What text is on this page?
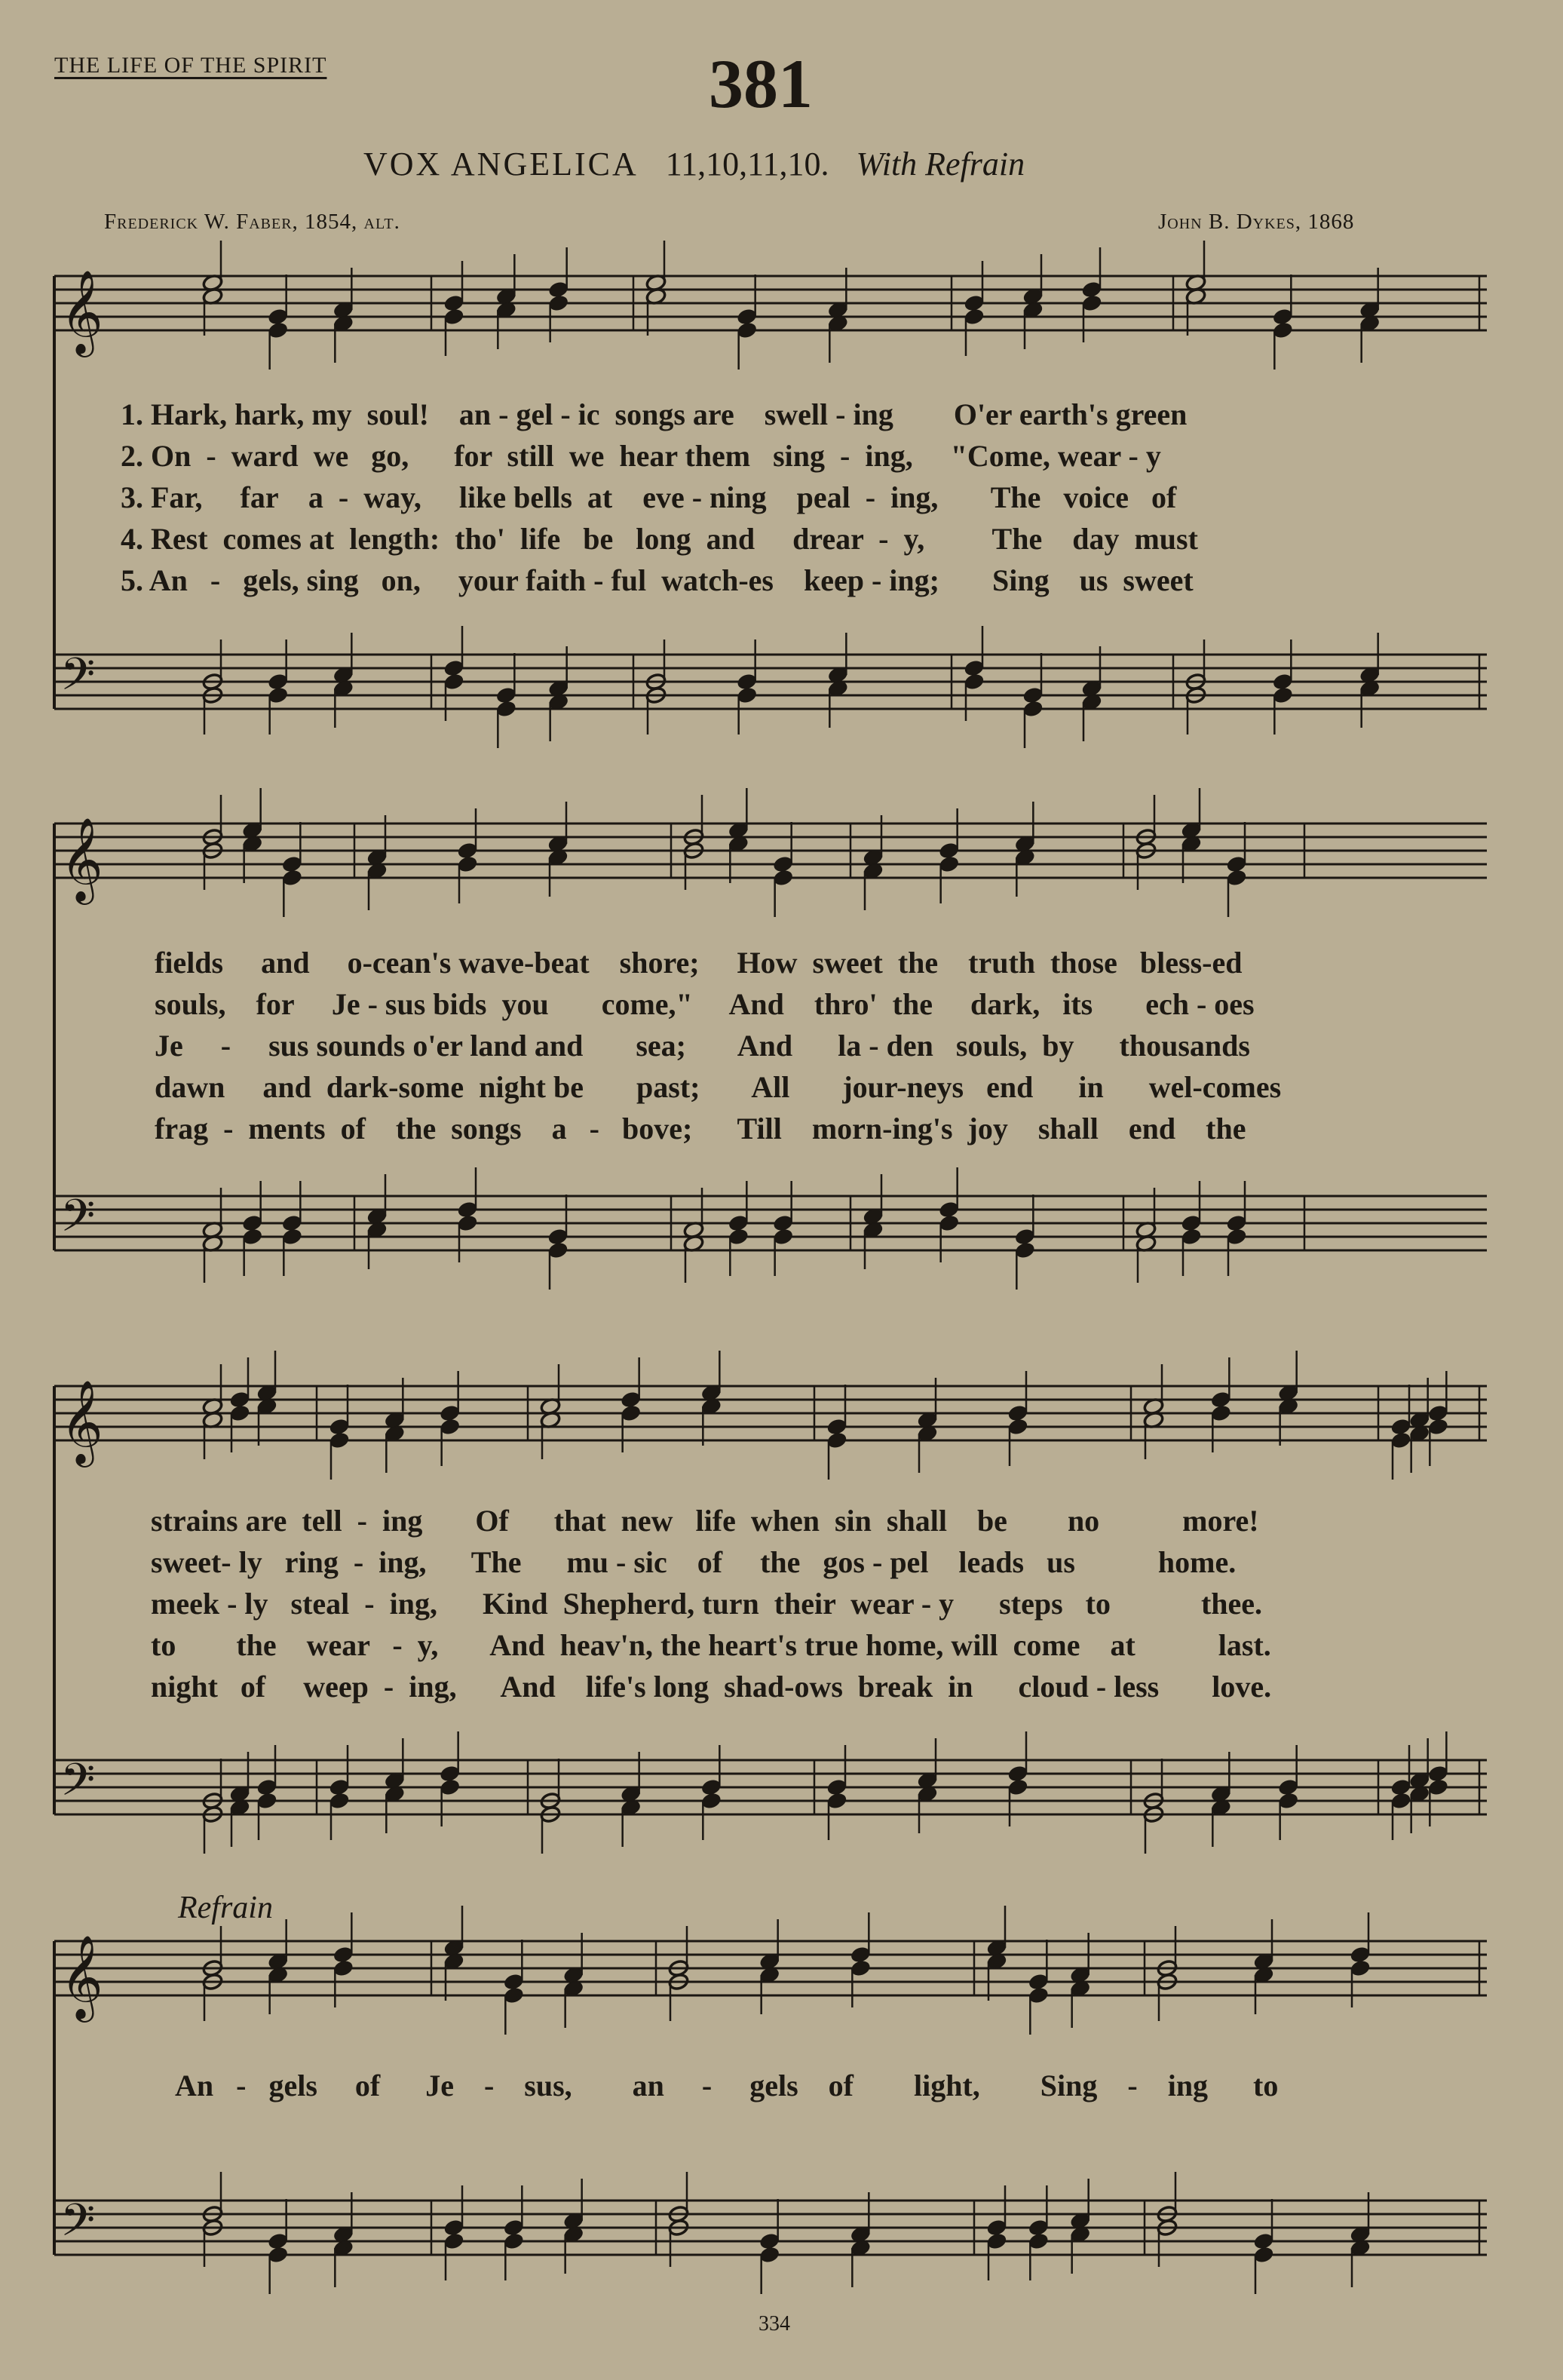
𝄞
𝄢
𝄞
𝄢
𝄞
𝄢
𝄞
𝄢
THE LIFE OF THE SPIRIT	381
VOX ANGELICA 11,10,11,10. With Refrain
Frederick W. Faber, 1854, alt.	John B. Dykes, 1868
1. Hark, hark, my  soul!    an - gel - ic  songs are    swell - ing        O'er earth's green
2. On  -  ward  we   go,      for  still  we  hear them   sing  -  ing,     "Come, wear - y
3. Far,     far    a  -  way,     like bells  at    eve - ning    peal  -  ing,       The   voice   of
4. Rest  comes at  length:  tho'  life   be   long  and     drear  -  y,         The    day  must
5. An   -   gels, sing   on,     your faith - ful  watch-es    keep - ing;       Sing    us  sweet
fields     and     o-cean's wave-beat    shore;     How  sweet  the    truth  those   bless-ed
souls,    for     Je - sus bids  you       come,"     And    thro'  the     dark,   its       ech - oes
Je     -     sus sounds o'er land and       sea;       And      la - den   souls,  by      thousands
dawn     and  dark-some  night be       past;       All       jour-neys   end      in      wel-comes
frag  -  ments  of    the  songs    a   -   bove;      Till    morn-ing's  joy    shall    end    the
strains are  tell  -  ing       Of      that  new   life  when  sin  shall    be        no           more!
sweet- ly   ring  -  ing,      The      mu - sic    of     the   gos - pel    leads   us           home.
meek - ly   steal  -  ing,      Kind  Shepherd, turn  their  wear - y      steps   to            thee.
to        the    wear   -  y,       And  heav'n, the heart's true home, will  come    at           last.
night   of     weep  -  ing,      And    life's long  shad-ows  break  in      cloud - less       love.
Refrain
An   -   gels     of      Je    -    sus,        an     -     gels    of        light,        Sing    -    ing      to
334
